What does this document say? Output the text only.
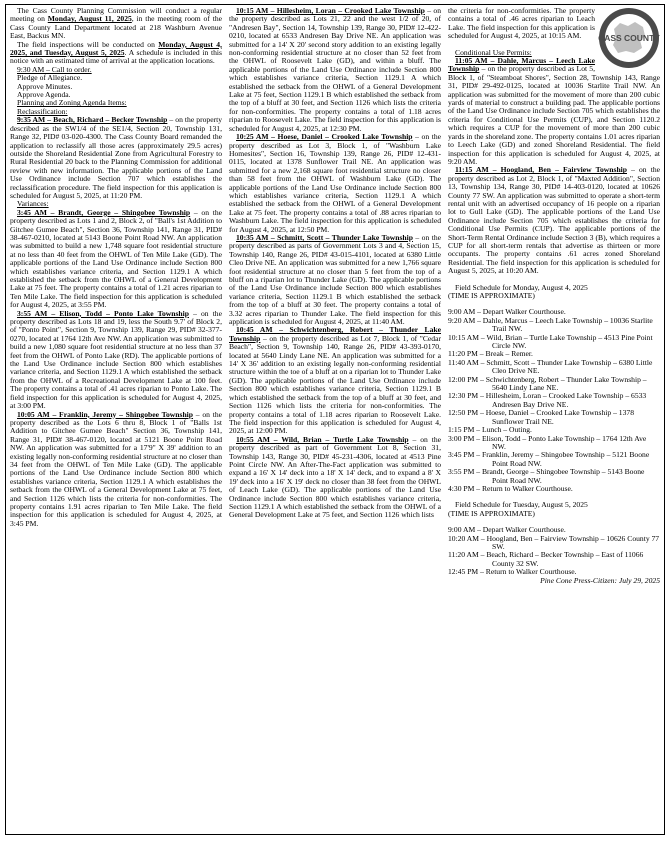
The Cass County Planning Commission will conduct a regular meeting on Monday, August 11, 2025, in the meeting room of the Cass County Land Department located at 218 Washburn Avenue East, Backus MN.

The field inspections will be conducted on Monday, August 4, 2025, and Tuesday, August 5, 2025. A schedule is included in this notice with an estimated time of arrival at the application locations.

9:30 AM – Call to order.

Pledge of Allegiance.

Approve Minutes.

Approve Agenda.

Planning and Zoning Agenda Items:

Reclassification:

9:35 AM – Beach, Richard – Becker Township – on the property described as the SW1/4 of the SE1/4, Section 20, Township 131, Range 32, PID# 03-020-4300. The Cass County Board remanded the application to reclassify all those acres (approximately 29.5 acres) outside the Shoreland Residential Zone from Agricultural Forestry to Rural Residential 20 back to the Planning Commission for additional review with new information. The applicable portions of the Land Use Ordinance include Section 707 which establishes the reclassification procedure. The field inspection for this application is scheduled for August 5, 2025, at 11:20 PM.

Variances:

3:45 AM – Brandt, George – Shingobee Township – on the property described as Lots 1 and 2, Block 2, of "Ball's 1st Addition to Gitchee Gumee Beach", Section 36, Township 141, Range 31, PID# 38-467-0210, located at 5143 Boone Point Road NW. An application was submitted to build a new 1,748 square foot residential structure at no less than 40 feet from the OHWL of Ten Mile Lake (GD). The applicable portions of the Land Use Ordinance include Section 800 which establishes variance criteria, and Section 1129.1 A which established the setback from the OHWL of a General Development Lake at 75 feet. The property contains a total of 1.21 acres riparian to Ten Mile Lake. The field inspection for this application is scheduled for August 4, 2025, at 3:55 PM.

3:55 AM – Elison, Todd – Ponto Lake Township – on the property described as Lots 18 and 19, less the South 9.7' of Block 2, of "Ponto Point", Section 9, Township 139, Range 29, PID# 32-377-0270, located at 1764 12th Ave NW. An application was submitted to build a new 1,080 square foot residential structure at no less than 37 feet from the OHWL of Ponto Lake (RD). The applicable portions of the Land Use Ordinance include Section 800 which establishes variance criteria, and Section 1129.1 A which established the setback from the OHWL of a Recreational Development Lake at 100 feet. The property contains a total of .41 acres riparian to Ponto Lake. The field inspection for this application is scheduled for August 4, 2025, at 3:00 PM.

10:05 AM – Franklin, Jeremy – Shingobee Township – on the property described as the Lots 6 thru 8, Block 1 of "Balls 1st Addition to Gitchee Gumee Beach" Section 36, Township 141, Range 31, PID# 38-467-0120, located at 5121 Boone Point Road NW. An application was submitted for a 17'9" X 39' addition to an existing legally non-conforming residential structure at no closer than 34 feet from the OHWL of Ten Mile Lake (GD). The applicable portions of the Land Use Ordinance include Section 800 which establishes variance criteria, Section 1129.1 A which establishes the setback from the OHWL of a General Development Lake at 75 feet, and Section 1126 which lists the criteria for non-conformities. The property contains 1.91 acres riparian to Ten Mile Lake. The field inspection for this application is scheduled for August 4, 2025, at 3:45 PM.

10:15 AM – Hillesheim, Loran – Crooked Lake Township – on the property described as Lots 21, 22 and the west 1/2 of 20, of "Andresen Bay", Section 14, Township 139, Range 30, PID# 12-422-0210, located at 6533 Andresen Bay Drive NE. An application was submitted for a 14' X 20' second story addition to an existing legally non-conforming residential structure at no closer than 52 feet from the OHWL of Roosevelt Lake (GD), and within a bluff. The applicable portions of the Land Use Ordinance include Section 800 which establishes variance criteria, Section 1129.1 A which established the setback from the OHWL of a General Development Lake at 75 feet, Section 1129.1 B which established the setback from the top of a bluff at 30 feet, and Section 1126 which lists the criteria for non-conformities. The property contains a total of 1.18 acres riparian to Roosevelt Lake. The field inspection for this application is scheduled for August 4, 2025, at 12:30 PM.

10:25 AM – Hoese, Daniel – Crooked Lake Township – on the property described as Lot 3, Block 1, of "Washburn Lake Homesites", Section 16, Township 139, Range 26, PID# 12-431-0115, located at 1378 Sunflower Trail NE. An application was submitted for a new 2,168 square foot residential structure no closer than 58 feet from the OHWL of Washburn Lake (GD). The applicable portions of the Land Use Ordinance include Section 800 which establishes variance criteria, Section 1129.1 A which established the setback from the OHWL of a General Development Lake at 75 feet. The property contains a total of .88 acres riparian to Washburn Lake. The field inspection for this application is scheduled for August 4, 2025, at 12:50 PM.

10:35 AM – Schmitt, Scott – Thunder Lake Township – on the property described as parts of Government Lots 3 and 4, Section 15, Township 140, Range 26, PID# 43-015-4101, located at 6380 Little Cleo Drive NE. An application was submitted for a new 1,766 square foot residential structure at no closer than 5 feet from the top of a bluff on a riparian lot to Thunder Lake (GD). The applicable portions of the Land Use Ordinance include Section 800 which establishes variance criteria, Section 1129.1 B which established the setback from the top of a bluff at 30 feet. The property contains a total of 3.32 acres riparian to Thunder Lake. The field inspection for this application is scheduled for August 4, 2025, at 11:40 AM.

10:45 AM – Schwichtenberg, Robert – Thunder Lake Township – on the property described as Lot 7, Block 1, of "Cedar Beach", Section 9, Township 140, Range 26, PID# 43-393-0170, located at 5640 Lindy Lane NE. An application was submitted for a 14' X 36' addition to an existing legally non-conforming residential structure within the toe of a bluff at on a riparian lot to Thunder Lake (GD). The applicable portions of the Land Use Ordinance include Section 800 which establishes variance criteria, Section 1129.1 B which established the setback from the top of a bluff at 30 feet, and Section 1126 which lists the criteria for non-conformities. The property contains a total of 1.18 acres riparian to Roosevelt Lake. The field inspection for this application is scheduled for August 4, 2025, at 12:00 PM.

10:55 AM – Wild, Brian – Turtle Lake Township – on the property described as part of Government Lot 8, Section 31, Township 143, Range 30, PID# 45-231-4306, located at 4513 Pine Point Circle NW. An After-The-Fact application was submitted to expand a 16' X 14' deck into a 18' X 14' deck, and to expand a 8' X 19' deck into a 16' X 19' deck no closer than 38 feet from the OHWL of Leach Lake (GD). The applicable portions of the Land Use Ordinance include Section 800 which establishes variance criteria, Section 1129.1 A which established the setback from the OHWL of a General Development Lake at 75 feet, and Section 1126 which lists

CASS COUNTY

the criteria for non-conformities. The property contains a total of .46 acres riparian to Leach Lake. The field inspection for this application is scheduled for August 4, 2025, at 10:15 AM.

Conditional Use Permits:

11:05 AM – Dahle, Marcus – Leech Lake Township – on the property described as Lot 5, Block 1, of "Steamboat Shores", Section 28, Township 143, Range 31, PID# 29-492-0125, located at 10036 Starlite Trail NW. An application was submitted for the movement of more than 200 cubic yards of material to construct a building pad. The applicable portions of the Land Use Ordinance include Section 705 which establishes the criteria for Conditional Use Permits (CUP), and Section 1120.2 which requires a CUP for the movement of more than 200 cubic yards in the shoreland zone. The property contains 1.01 acres riparian to Leech Lake (GD) and zoned Shoreland Residential. The field inspection for this application is scheduled for August 4, 2025, at 9:20 AM.

11:15 AM – Hoogland, Ben – Fairview Township – on the property described as Lot 2, Block 1, of "Maxted Addition", Section 13, Township 134, Range 30, PID# 14-403-0120, located at 10626 County 77 SW. An application was submitted to operate a short-term rental unit with an advertised occupancy of 16 people on a riparian lot to Gull Lake (GD). The applicable portions of the Land Use Ordinance include Section 705 which establishes the criteria for Conditional Use Permits (CUP). The applicable portions of the Short-Term Rental Ordinance include Section 3 (B), which requires a CUP for all short-term rentals that advertise as thirteen or more occupants. The property contains .61 acres zoned Shoreland Residential. The field inspection for this application is scheduled for August 5, 2025, at 10:20 AM.

Field Schedule for Monday, August 4, 2025

(TIME IS APPROXIMATE)

9:00 AM – Depart Walker Courthouse.

9:20 AM – Dahle, Marcus – Leech Lake Township – 10036 Starlite Trail NW.

10:15 AM – Wild, Brian – Turtle Lake Township – 4513 Pine Point Circle NW.

11:20 PM – Break – Remer.

11:40 AM – Schmitt, Scott – Thunder Lake Township – 6380 Little Cleo Drive NE.

12:00 PM – Schwichtenberg, Robert – Thunder Lake Township – 5640 Lindy Lane NE.

12:30 PM – Hillesheim, Loran – Crooked Lake Township – 6533 Andresen Bay Drive NE.

12:50 PM – Hoese, Daniel – Crooked Lake Township – 1378 Sunflower Trail NE.

1:15 PM – Lunch – Outing.

3:00 PM – Elison, Todd – Ponto Lake Township – 1764 12th Ave NW.

3:45 PM – Franklin, Jeremy – Shingobee Township – 5121 Boone Point Road NW.

3:55 PM – Brandt, George – Shingobee Township – 5143 Boone Point Road NW.

4:30 PM – Return to Walker Courthouse.

Field Schedule for Tuesday, August 5, 2025

(TIME IS APPROXIMATE)

9:00 AM – Depart Walker Courthouse.

10:20 AM – Hoogland, Ben – Fairview Township – 10626 County 77 SW.

11:20 AM – Beach, Richard – Becker Township – East of 11066 County 32 SW.

12:45 PM – Return to Walker Courthouse.

Pine Cone Press-Citizen: July 29, 2025
